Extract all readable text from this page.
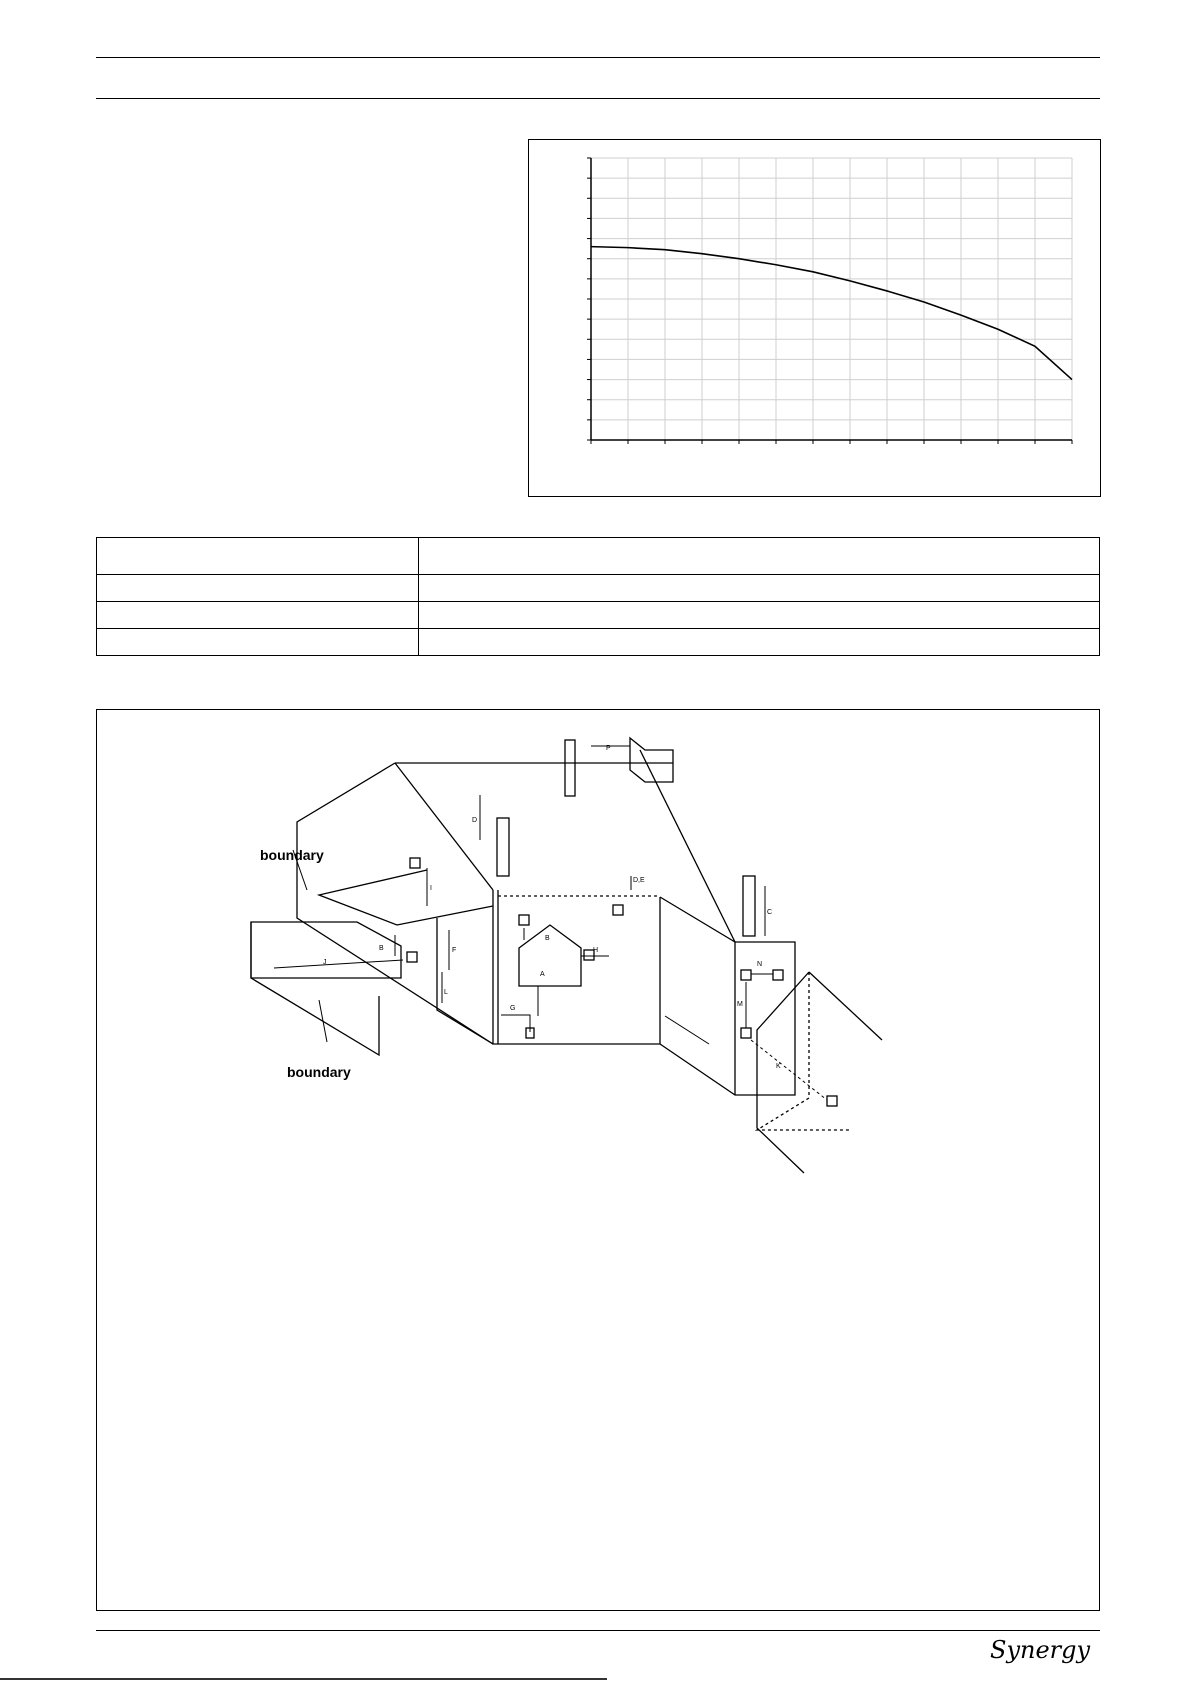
boundary
boundary
P
D
D,E
C
I
B
B
L
F
J
G
A
N
M
K
H
Synergy
